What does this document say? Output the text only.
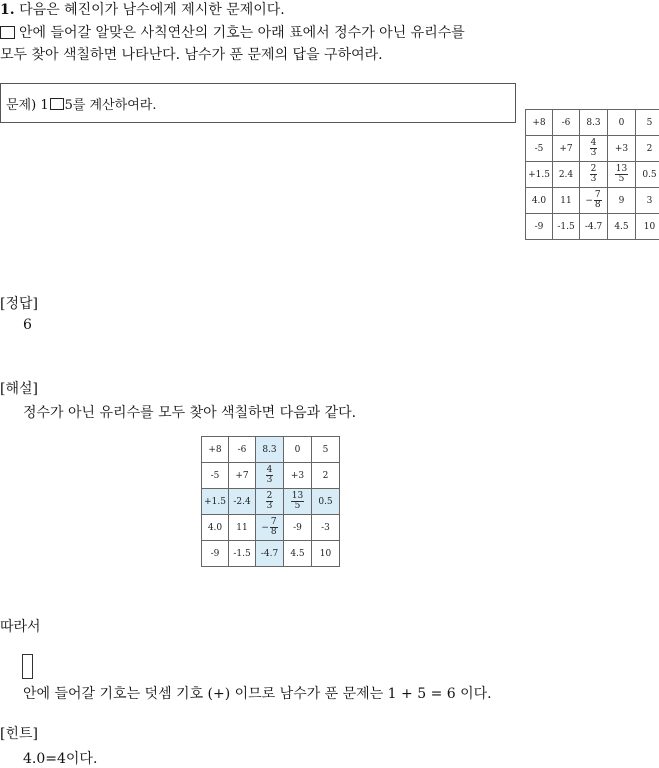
1. 다음은 혜진이가 남수에게 제시한 문제이다.
안에 들어갈 알맞은 사칙연산의 기호는 아래 표에서 정수가 아닌 유리수를
모두 찾아 색칠하면 나타난다. 남수가 푼 문제의 답을 구하여라.
문제) 1 5를 계산하여라.
+8	-6	8.3	0	5
-5	+7	$\frac{4}{3}$	+3	2
+1.5	2.4	$\frac{2}{3}$	$\frac{13}{5}$	0.5
4.0	11	− $\frac{7}{8}$	9	3
-9	-1.5	-4.7	4.5	10
[정답]
6
[해설]
정수가 아닌 유리수를 모두 찾아 색칠하면 다음과 같다.
+8	-6	8.3	0	5
-5	+7	$\frac{4}{3}$	+3	2
+1.5	-2.4	$\frac{2}{3}$	$\frac{13}{5}$	0.5
4.0	11	− $\frac{7}{8}$	-9	-3
-9	-1.5	-4.7	4.5	10
따라서
안에 들어갈 기호는 덧셈 기호 (+) 이므로 남수가 푼 문제는 1 + 5 = 6 이다.
[힌트]
4.0=4이다.
